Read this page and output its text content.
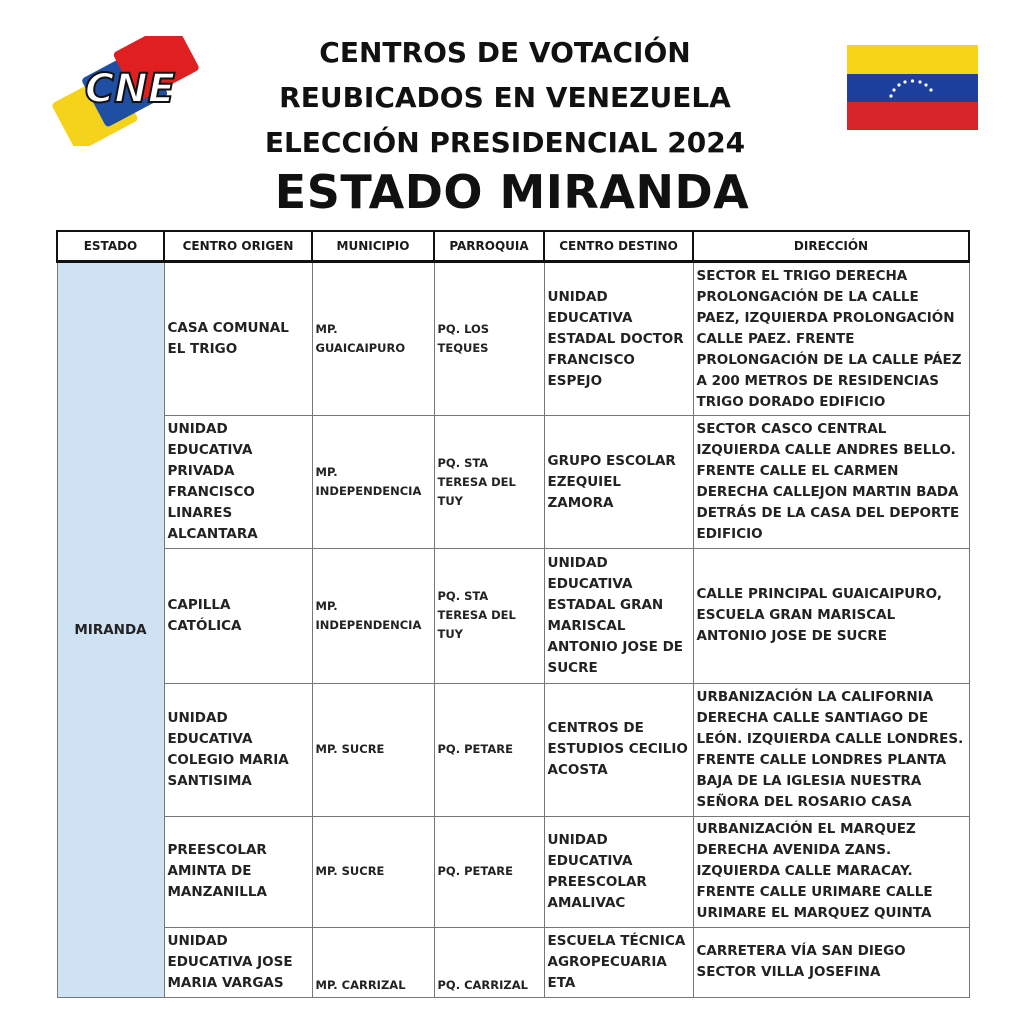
CNE
CENTROS DE VOTACIÓN
REUBICADOS EN VENEZUELA
ELECCIÓN PRESIDENCIAL 2024
ESTADO MIRANDA
ESTADO	CENTRO ORIGEN	MUNICIPIO	PARROQUIA	CENTRO DESTINO	DIRECCIÓN
MIRANDA	CASA COMUNAL EL TRIGO	MP. GUAICAIPURO	PQ. LOS TEQUES	UNIDAD EDUCATIVA ESTADAL DOCTOR FRANCISCO ESPEJO	SECTOR EL TRIGO DERECHA PROLONGACIÓN DE LA CALLE PAEZ, IZQUIERDA PROLONGACIÓN CALLE PAEZ. FRENTE PROLONGACIÓN DE LA CALLE PÁEZ A 200 METROS DE RESIDENCIAS TRIGO DORADO EDIFICIO
	UNIDAD EDUCATIVA PRIVADA FRANCISCO LINARES ALCANTARA	MP. INDEPENDENCIA	PQ. STA TERESA DEL TUY	GRUPO ESCOLAR EZEQUIEL ZAMORA	SECTOR CASCO CENTRAL IZQUIERDA CALLE ANDRES BELLO. FRENTE CALLE EL CARMEN DERECHA CALLEJON MARTIN BADA DETRÁS DE LA CASA DEL DEPORTE EDIFICIO
	CAPILLA CATÓLICA	MP. INDEPENDENCIA	PQ. STA TERESA DEL TUY	UNIDAD EDUCATIVA ESTADAL GRAN MARISCAL ANTONIO JOSE DE SUCRE	CALLE PRINCIPAL GUAICAIPURO, ESCUELA GRAN MARISCAL ANTONIO JOSE DE SUCRE
	UNIDAD EDUCATIVA COLEGIO MARIA SANTISIMA	MP. SUCRE	PQ. PETARE	CENTROS DE ESTUDIOS CECILIO ACOSTA	URBANIZACIÓN LA CALIFORNIA DERECHA CALLE SANTIAGO DE LEÓN. IZQUIERDA CALLE LONDRES. FRENTE CALLE LONDRES PLANTA BAJA DE LA IGLESIA NUESTRA SEÑORA DEL ROSARIO CASA
	PREESCOLAR AMINTA DE MANZANILLA	MP. SUCRE	PQ. PETARE	UNIDAD EDUCATIVA PREESCOLAR AMALIVAC	URBANIZACIÓN EL MARQUEZ DERECHA AVENIDA ZANS. IZQUIERDA CALLE MARACAY. FRENTE CALLE URIMARE CALLE URIMARE EL MARQUEZ QUINTA
	UNIDAD EDUCATIVA JOSE MARIA VARGAS	MP. CARRIZAL	PQ. CARRIZAL	ESCUELA TÉCNICA AGROPECUARIA ETA	CARRETERA VÍA SAN DIEGO SECTOR VILLA JOSEFINA
